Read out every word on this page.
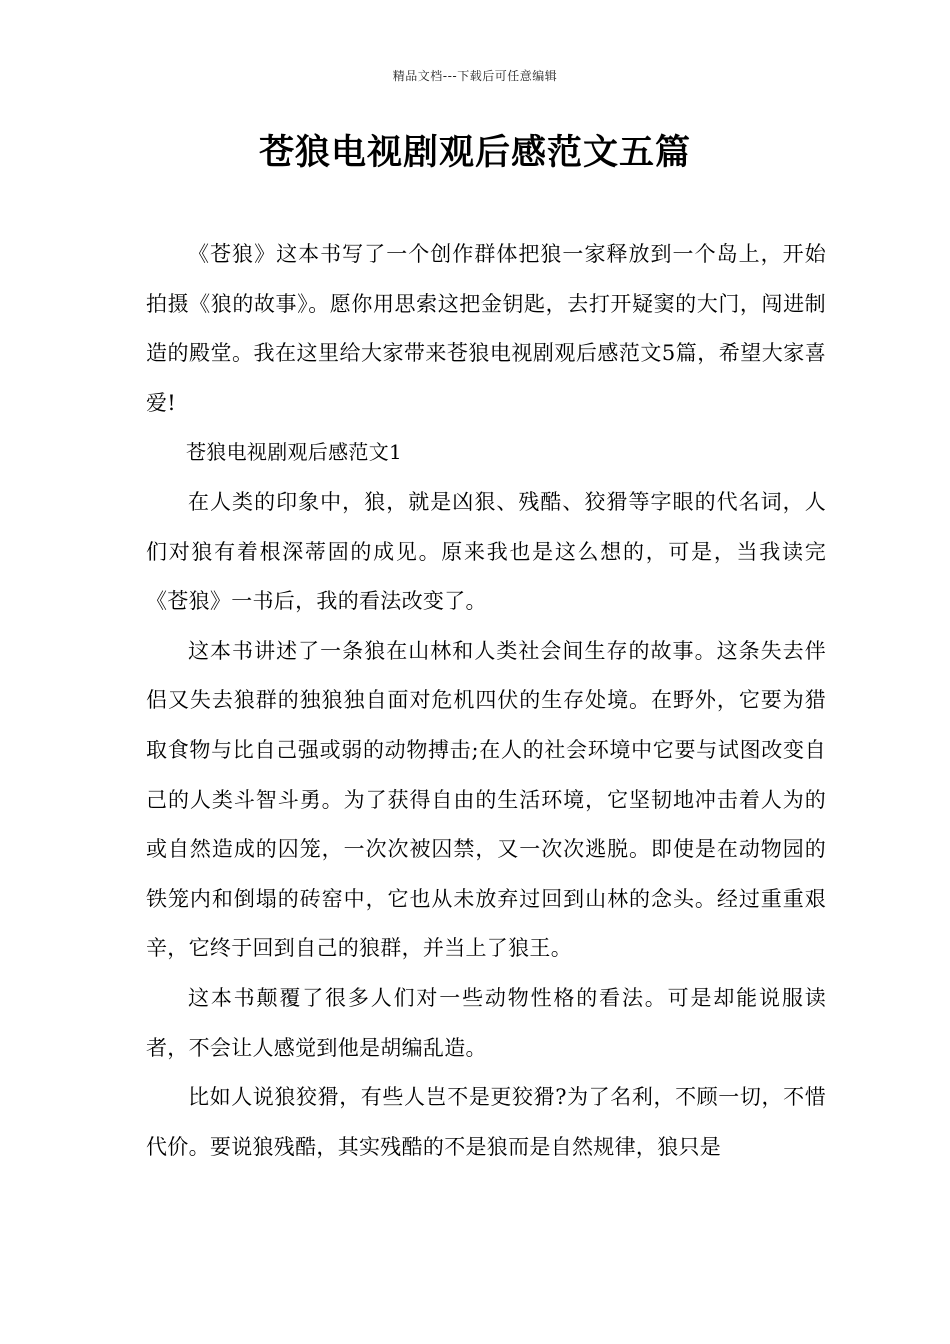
精品文档---下载后可任意编辑
苍狼电视剧观后感范文五篇

《苍狼》这本书写了一个创作群体把狼一家释放到一个岛上，开始拍摄《狼的故事》。愿你用思索这把金钥匙，去打开疑窦的大门，闯进制造的殿堂。我在这里给大家带来苍狼电视剧观后感范文5篇，希望大家喜爱!

苍狼电视剧观后感范文1

在人类的印象中，狼，就是凶狠、残酷、狡猾等字眼的代名词，人们对狼有着根深蒂固的成见。原来我也是这么想的，可是，当我读完《苍狼》一书后，我的看法改变了。

这本书讲述了一条狼在山林和人类社会间生存的故事。这条失去伴侣又失去狼群的独狼独自面对危机四伏的生存处境。在野外，它要为猎取食物与比自己强或弱的动物搏击;在人的社会环境中它要与试图改变自己的人类斗智斗勇。为了获得自由的生活环境，它坚韧地冲击着人为的或自然造成的囚笼，一次次被囚禁，又一次次逃脱。即使是在动物园的铁笼内和倒塌的砖窑中，它也从未放弃过回到山林的念头。经过重重艰辛，它终于回到自己的狼群，并当上了狼王。

这本书颠覆了很多人们对一些动物性格的看法。可是却能说服读者，不会让人感觉到他是胡编乱造。

比如人说狼狡猾，有些人岂不是更狡猾?为了名利，不顾一切，不惜代价。要说狼残酷，其实残酷的不是狼而是自然规律，狼只是
